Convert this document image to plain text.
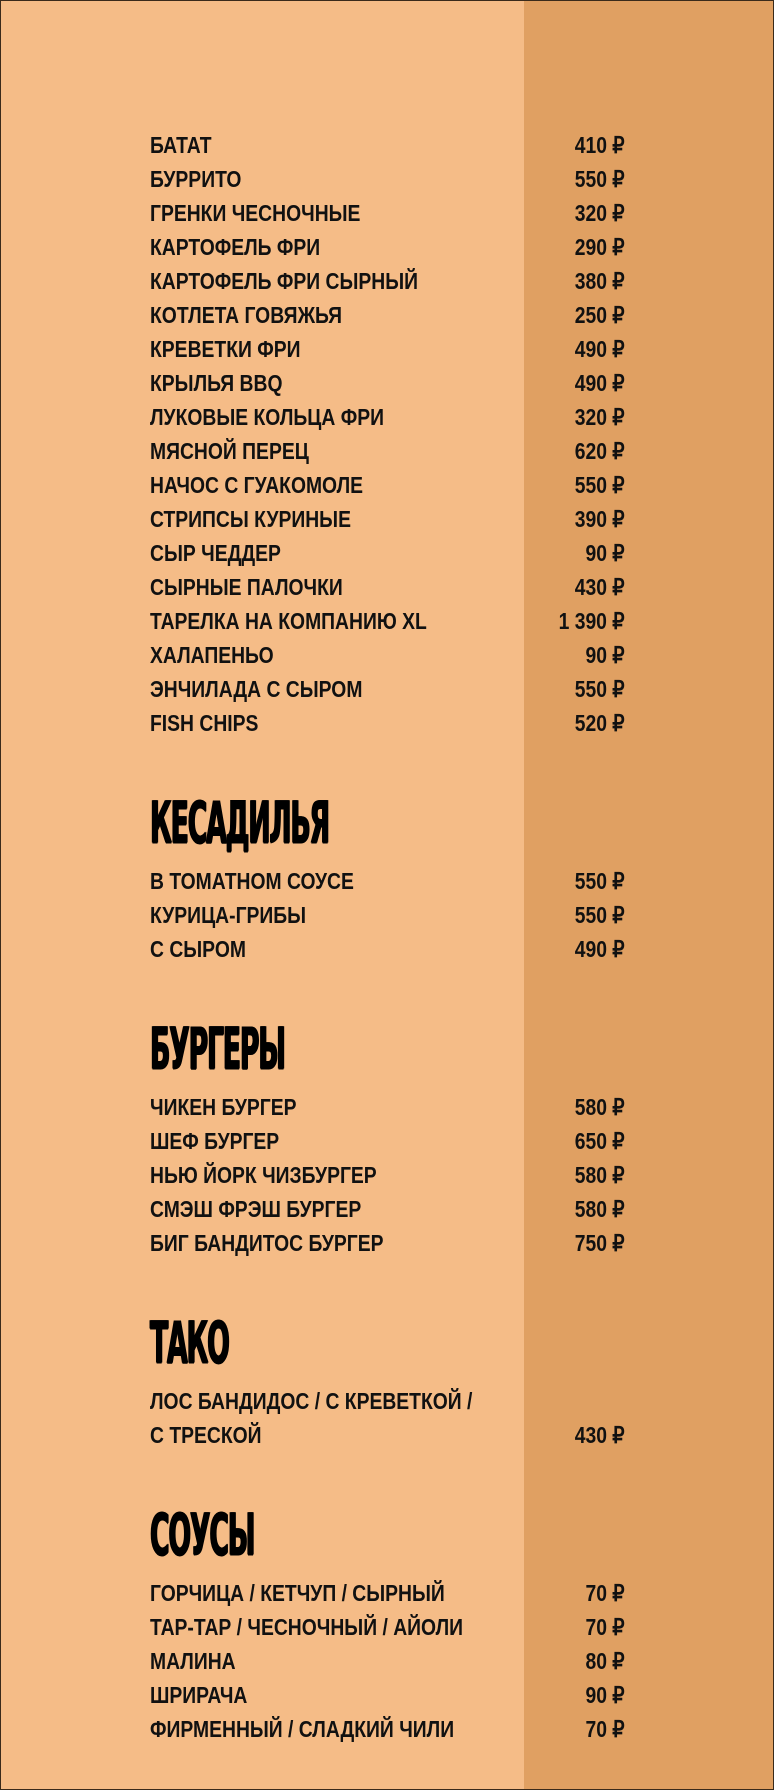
БАТАТ	410 ₽
БУРРИТО	550 ₽
ГРЕНКИ ЧЕСНОЧНЫЕ	320 ₽
КАРТОФЕЛЬ ФРИ	290 ₽
КАРТОФЕЛЬ ФРИ СЫРНЫЙ	380 ₽
КОТЛЕТА ГОВЯЖЬЯ	250 ₽
КРЕВЕТКИ ФРИ	490 ₽
КРЫЛЬЯ BBQ	490 ₽
ЛУКОВЫЕ КОЛЬЦА ФРИ	320 ₽
МЯСНОЙ ПЕРЕЦ	620 ₽
НАЧОС С ГУАКОМОЛЕ	550 ₽
СТРИПСЫ КУРИНЫЕ	390 ₽
СЫР ЧЕДДЕР	90 ₽
СЫРНЫЕ ПАЛОЧКИ	430 ₽
ТАРЕЛКА НА КОМПАНИЮ XL	1 390 ₽
ХАЛАПЕНЬО	90 ₽
ЭНЧИЛАДА С СЫРОМ	550 ₽
FISH CHIPS	520 ₽
КЕСАДИЛЬЯ
В ТОМАТНОМ СОУСЕ	550 ₽
КУРИЦА-ГРИБЫ	550 ₽
С СЫРОМ	490 ₽
БУРГЕРЫ
ЧИКЕН БУРГЕР	580 ₽
ШЕФ БУРГЕР	650 ₽
НЬЮ ЙОРК ЧИЗБУРГЕР	580 ₽
СМЭШ ФРЭШ БУРГЕР	580 ₽
БИГ БАНДИТОС БУРГЕР	750 ₽
ТАКО
ЛОС БАНДИДОС / С КРЕВЕТКОЙ /
С ТРЕСКОЙ	430 ₽
СОУСЫ
ГОРЧИЦА / КЕТЧУП / СЫРНЫЙ	70 ₽
ТАР-ТАР / ЧЕСНОЧНЫЙ / АЙОЛИ	70 ₽
МАЛИНА	80 ₽
ШРИРАЧА	90 ₽
ФИРМЕННЫЙ / СЛАДКИЙ ЧИЛИ	70 ₽
